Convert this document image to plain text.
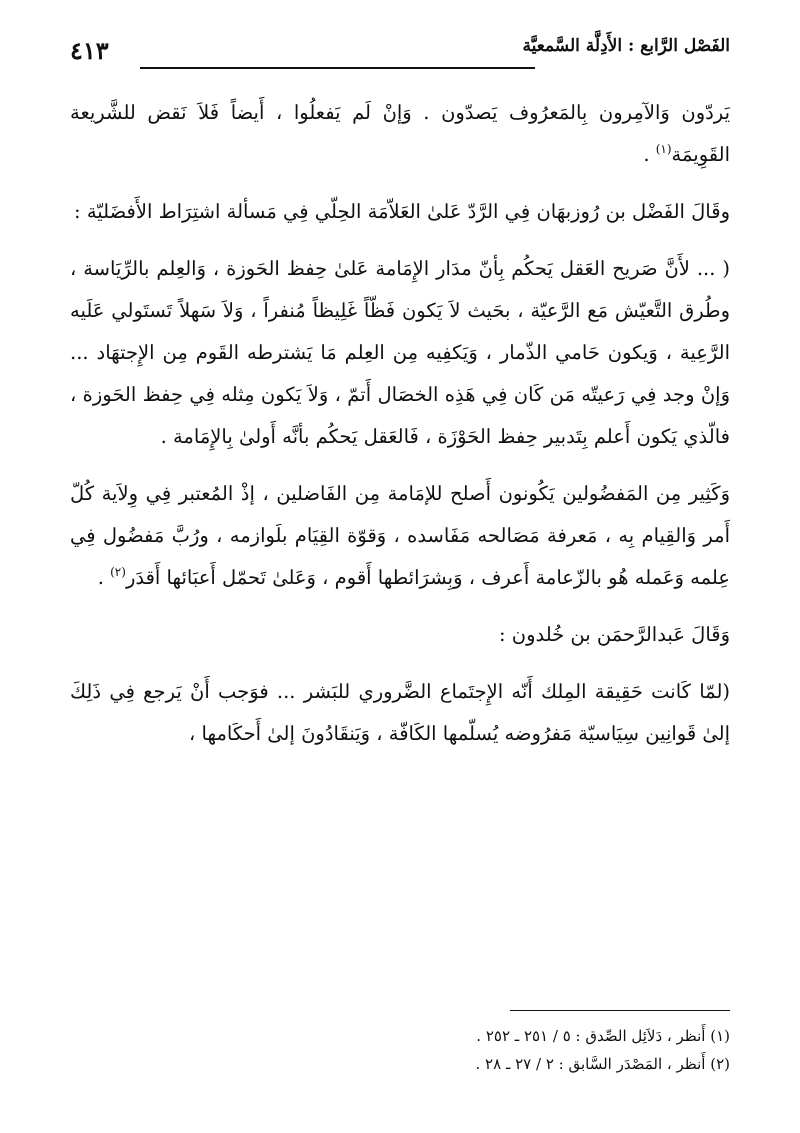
الفَصْل الرَّابع : الأَدِلَّة السَّمعيَّة
٤١٣

يَردّون وَالآمِرون بِالمَعرُوف يَصدّون . وَإنْ لَم يَفعلُوا ، أَيضاً فَلاَ نَقض للشَّريعة القَوِيمَة$^{(١)}$ .

وقَالَ الفَضْل بن رُوزبهَان فِي الرَّدّ عَلىٰ العَلاّمَة الحِلّي فِي مَسألة اشتِرَاط الأَفضَليّة :

( ... لأَنَّ صَريح العَقل يَحكُم بِأنّ مدَار الإِمَامة عَلىٰ حِفظ الحَوزة ، وَالعِلم بالرِّيَاسة ، وطُرق التَّعيّش مَع الرَّعيّة ، بحَيث لاَ يَكون فَظّاً غَلِيظاً مُنفراً ، وَلاَ سَهلاً تَستَولي عَلَيه الرَّعِية ، وَيكون حَامي الذّمار ، وَيَكفِيه مِن العِلم مَا يَشترطه القَوم مِن الإِجتهَاد ... وَإنْ وجد فِي رَعيتّه مَن كَان فِي هَذِه الخصَال أَتمّ ، وَلاَ يَكون مِثله فِي حِفظ الحَوزة ، فالّذي يَكون أَعلم بِتَدبير حِفظ الحَوْزَة ، فَالعَقل يَحكُم بأنَّه أَولىٰ بِالإِمَامة .

وَكَثِير مِن المَفضُولين يَكُونون أَصلح للإمَامة مِن الفَاضلين ، إذْ المُعتبر فِي وِلاَية كُلّ أَمر وَالقِيام بِه ، مَعرفة مَصَالحه مَفَاسده ، وَقوّة القِيَام بلَوازمه ، ورُبَّ مَفضُول فِي عِلمه وَعَمله هُو بالزّعامة أَعرف ، وَبِشرَائطها أَقوم ، وَعَلىٰ تَحمّل أَعبَائها أَقدَر$^{(٢)}$ .

وَقَالَ عَبدالرَّحمَن بن خُلدون :

(لمّا كَانت حَقِيقة المِلك أَنّه الإِجتَماع الضَّروري للبَشر ... فوَجب أَنْ يَرجع فِي ذَلِكَ إلىٰ قَوانِين سِيَاسيّة مَفرُوضه يُسلّمها الكَافّة ، وَيَنقَادُونَ إلىٰ أَحكَامها ،

(١) أَنظر ، دَلاَئِل الصِّدق : ٥ / ٢٥١ ـ ٢٥٢ .
(٢) أَنظر ، المَصْدَر السَّابق : ٢ / ٢٧ ـ ٢٨ .
